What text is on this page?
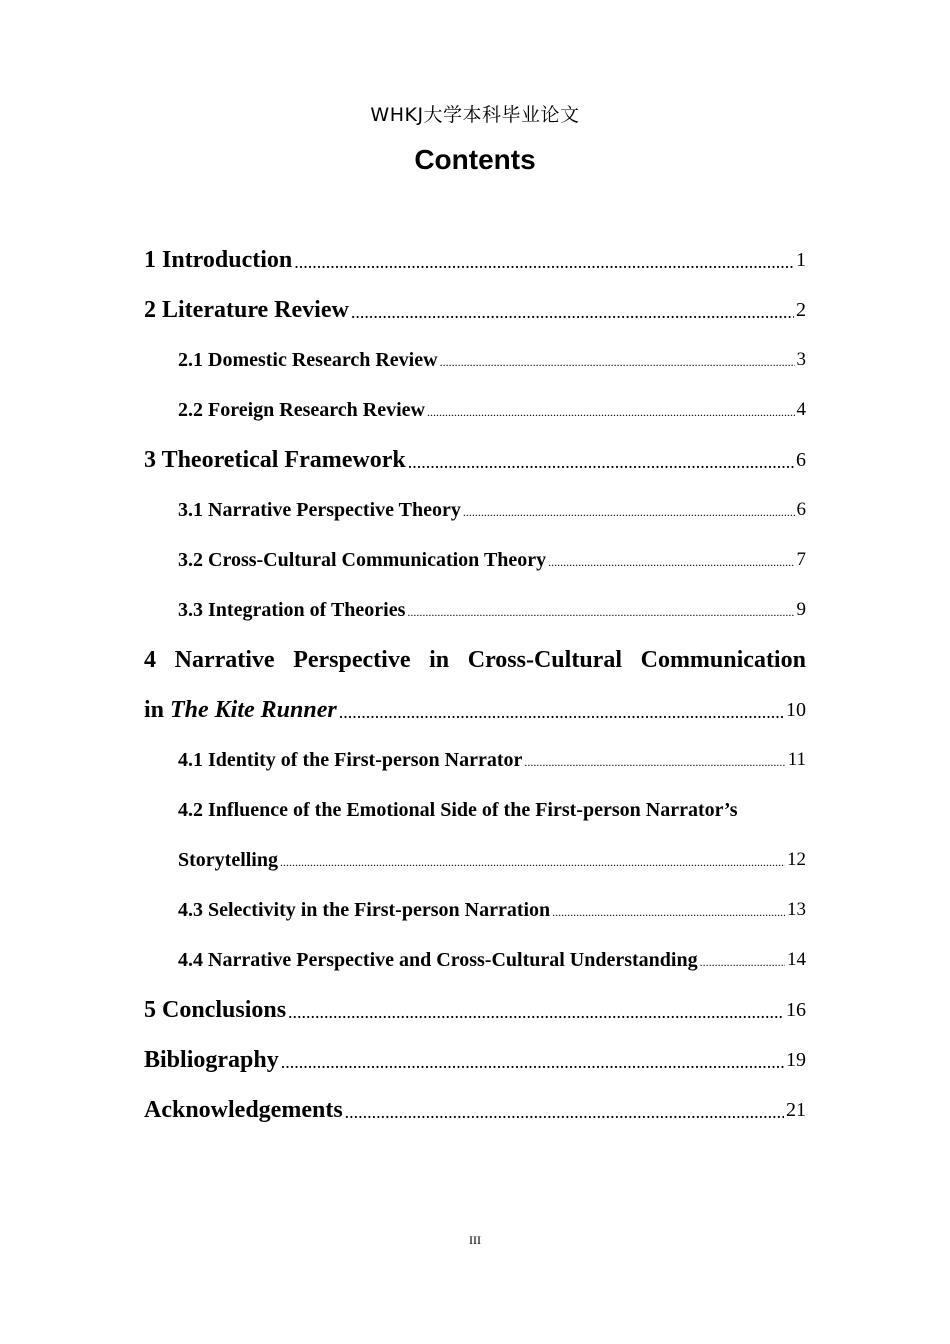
WHKJ大学本科毕业论文
Contents
1 Introduction .....	1
2 Literature Review .....	2
2.1 Domestic Research Review .....	3
2.2 Foreign Research Review .....	4
3 Theoretical Framework .....	6
3.1 Narrative Perspective Theory .....	6
3.2 Cross-Cultural Communication Theory .....	7
3.3 Integration of Theories .....	9
4 Narrative Perspective in Cross-Cultural Communication
in The Kite Runner .....	10
4.1 Identity of the First-person Narrator .....	11
4.2 Influence of the Emotional Side of the First-person Narrator’s
Storytelling .....	12
4.3 Selectivity in the First-person Narration .....	13
4.4 Narrative Perspective and Cross-Cultural Understanding .....	14
5 Conclusions .....	16
Bibliography .....	19
Acknowledgements .....	21
III
